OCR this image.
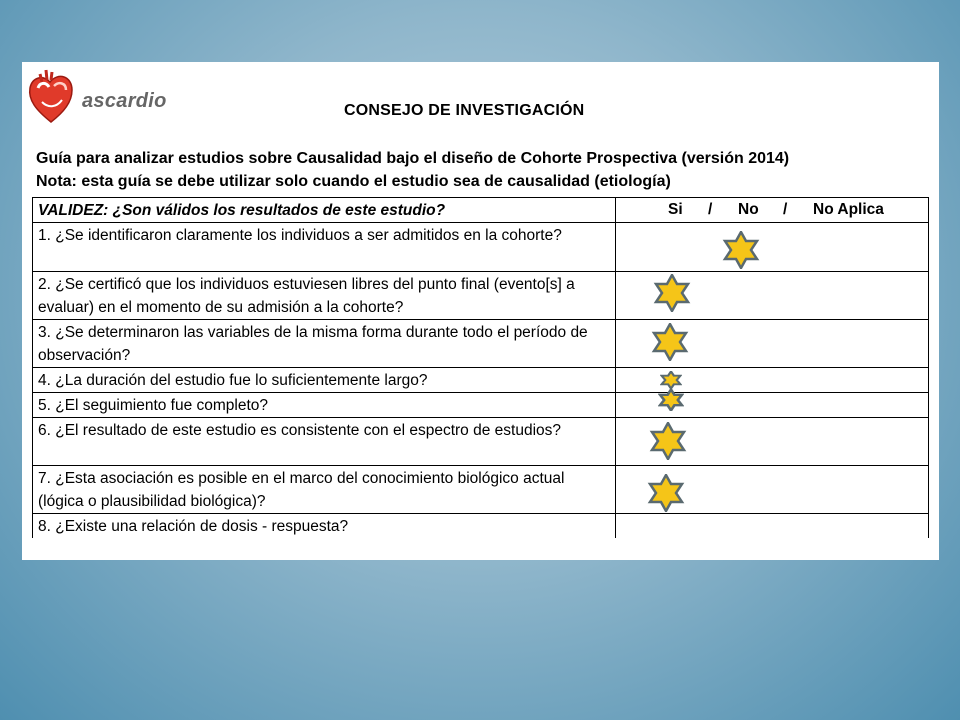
ascardio	CONSEJO DE INVESTIGACIÓN
Guía para analizar estudios sobre Causalidad bajo el diseño de Cohorte Prospectiva (versión 2014)
Nota: esta guía se debe utilizar solo cuando el estudio sea de causalidad (etiología)
VALIDEZ: ¿Son válidos los resultados de este estudio?	Si / No / No Aplica

1. ¿Se identificaron claramente los individuos a ser admitidos en la cohorte?	

2. ¿Se certificó que los individuos estuviesen libres del punto final (evento[s] a evaluar) en el momento de su admisión a la cohorte?	

3. ¿Se determinaron las variables de la misma forma durante todo el período de observación?	

4. ¿La duración del estudio fue lo suficientemente largo?	

5. ¿El seguimiento fue completo?	

6. ¿El resultado de este estudio es consistente con el espectro de estudios?	

7. ¿Esta asociación es posible en el marco del conocimiento biológico actual (lógica o plausibilidad biológica)?	

8. ¿Existe una relación de dosis - respuesta?	
